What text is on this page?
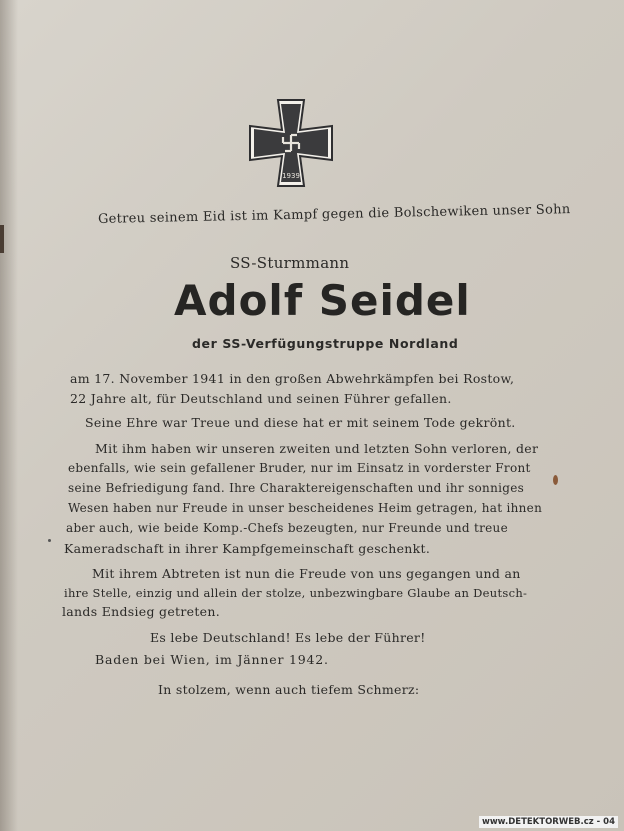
1939
Getreu seinem Eid ist im Kampf gegen die Bolschewiken unser Sohn
SS-Sturmmann
Adolf Seidel
der SS-Verfügungstruppe Nordland
am 17. November 1941 in den großen Abwehrkämpfen bei Rostow,
22 Jahre alt, für Deutschland und seinen Führer gefallen.
Seine Ehre war Treue und diese hat er mit seinem Tode gekrönt.
Mit ihm haben wir unseren zweiten und letzten Sohn verloren, der
ebenfalls, wie sein gefallener Bruder, nur im Einsatz in vorderster Front
seine Befriedigung fand. Ihre Charaktereigenschaften und ihr sonniges
Wesen haben nur Freude in unser bescheidenes Heim getragen, hat ihnen
aber auch, wie beide Komp.-Chefs bezeugten, nur Freunde und treue
Kameradschaft in ihrer Kampfgemeinschaft geschenkt.
Mit ihrem Abtreten ist nun die Freude von uns gegangen und an
ihre Stelle, einzig und allein der stolze, unbezwingbare Glaube an Deutsch-
lands Endsieg getreten.
Es lebe Deutschland! Es lebe der Führer!
Baden bei Wien, im Jänner 1942.
In stolzem, wenn auch tiefem Schmerz:
www.DETEKTORWEB.cz - 04
